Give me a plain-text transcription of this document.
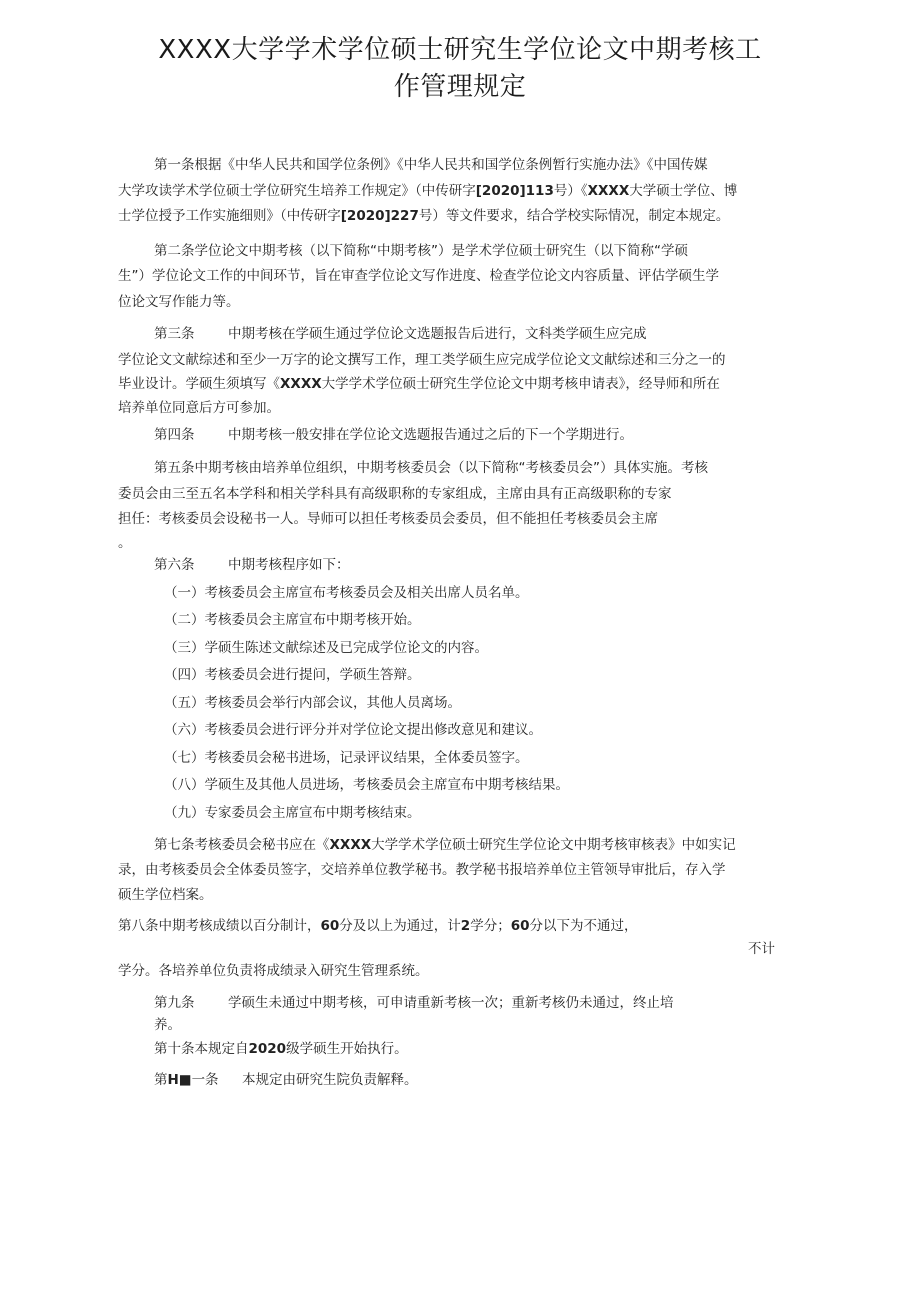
XXXX大学学术学位硕士研究生学位论文中期考核工
作管理规定
第一条根据《中华人民共和国学位条例》《中华人民共和国学位条例暂行实施办法》《中国传媒
大学攻读学术学位硕士学位研究生培养工作规定》（中传研字[2020]113号）《XXXX大学硕士学位、博
士学位授予工作实施细则》（中传研字[2020]227号）等文件要求，结合学校实际情况，制定本规定。
第二条学位论文中期考核（以下简称“中期考核”）是学术学位硕士研究生（以下简称“学硕
生”）学位论文工作的中间环节，旨在审查学位论文写作进度、检查学位论文内容质量、评估学硕生学
位论文写作能力等。
第三条 中期考核在学硕生通过学位论文选题报告后进行，文科类学硕生应完成
学位论文文献综述和至少一万字的论文撰写工作，理工类学硕生应完成学位论文文献综述和三分之一的
毕业设计。学硕生须填写《XXXX大学学术学位硕士研究生学位论文中期考核申请表》，经导师和所在
培养单位同意后方可参加。
第四条 中期考核一般安排在学位论文选题报告通过之后的下一个学期进行。
第五条中期考核由培养单位组织，中期考核委员会（以下简称“考核委员会”）具体实施。考核
委员会由三至五名本学科和相关学科具有高级职称的专家组成，主席由具有正高级职称的专家
担任：考核委员会设秘书一人。导师可以担任考核委员会委员，但不能担任考核委员会主席
。
第六条 中期考核程序如下：
（一）考核委员会主席宣布考核委员会及相关出席人员名单。
（二）考核委员会主席宣布中期考核开始。
（三）学硕生陈述文献综述及已完成学位论文的内容。
（四）考核委员会进行提问，学硕生答辩。
（五）考核委员会举行内部会议，其他人员离场。
（六）考核委员会进行评分并对学位论文提出修改意见和建议。
（七）考核委员会秘书进场，记录评议结果，全体委员签字。
（八）学硕生及其他人员进场，考核委员会主席宣布中期考核结果。
（九）专家委员会主席宣布中期考核结束。
第七条考核委员会秘书应在《XXXX大学学术学位硕士研究生学位论文中期考核审核表》中如实记
录，由考核委员会全体委员签字，交培养单位教学秘书。教学秘书报培养单位主管领导审批后，存入学
硕生学位档案。
第八条中期考核成绩以百分制计，60分及以上为通过，计2学分；60分以下为不通过，
不计
学分。各培养单位负责将成绩录入研究生管理系统。
第九条 学硕生未通过中期考核，可申请重新考核一次；重新考核仍未通过，终止培
养。
第十条本规定自2020级学硕生开始执行。
第H■一条 本规定由研究生院负责解释。
